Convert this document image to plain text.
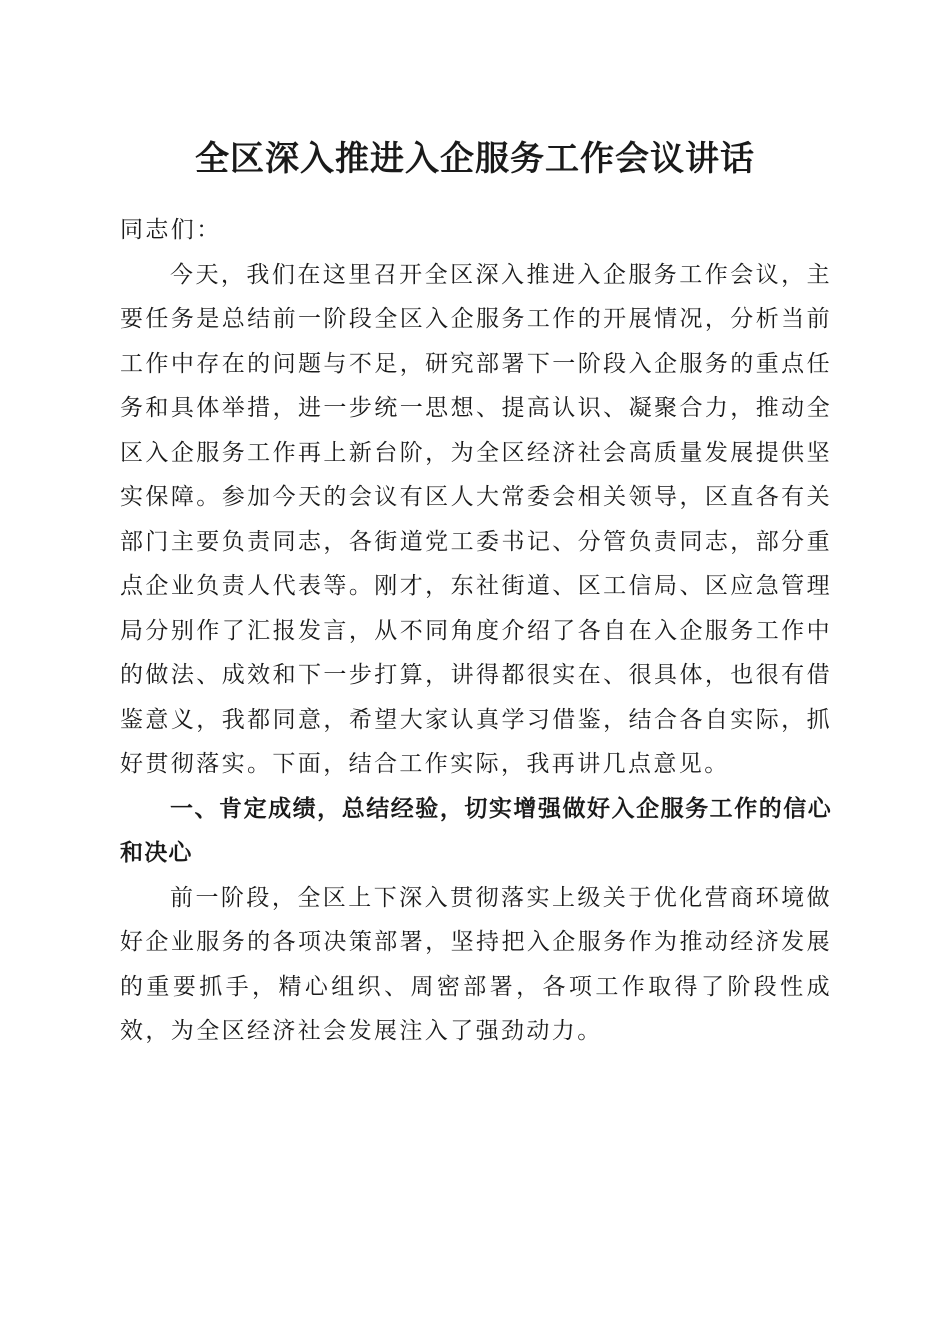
全区深入推进入企服务工作会议讲话

同志们：

今天，我们在这里召开全区深入推进入企服务工作会议，主要任务是总结前一阶段全区入企服务工作的开展情况，分析当前工作中存在的问题与不足，研究部署下一阶段入企服务的重点任务和具体举措，进一步统一思想、提高认识、凝聚合力，推动全区入企服务工作再上新台阶，为全区经济社会高质量发展提供坚实保障。参加今天的会议有区人大常委会相关领导，区直各有关部门主要负责同志，各街道党工委书记、分管负责同志，部分重点企业负责人代表等。刚才，东社街道、区工信局、区应急管理局分别作了汇报发言，从不同角度介绍了各自在入企服务工作中的做法、成效和下一步打算，讲得都很实在、很具体，也很有借鉴意义，我都同意，希望大家认真学习借鉴，结合各自实际，抓好贯彻落实。下面，结合工作实际，我再讲几点意见。

一、肯定成绩，总结经验，切实增强做好入企服务工作的信心和决心

前一阶段，全区上下深入贯彻落实上级关于优化营商环境做好企业服务的各项决策部署，坚持把入企服务作为推动经济发展的重要抓手，精心组织、周密部署，各项工作取得了阶段性成效，为全区经济社会发展注入了强劲动力。
